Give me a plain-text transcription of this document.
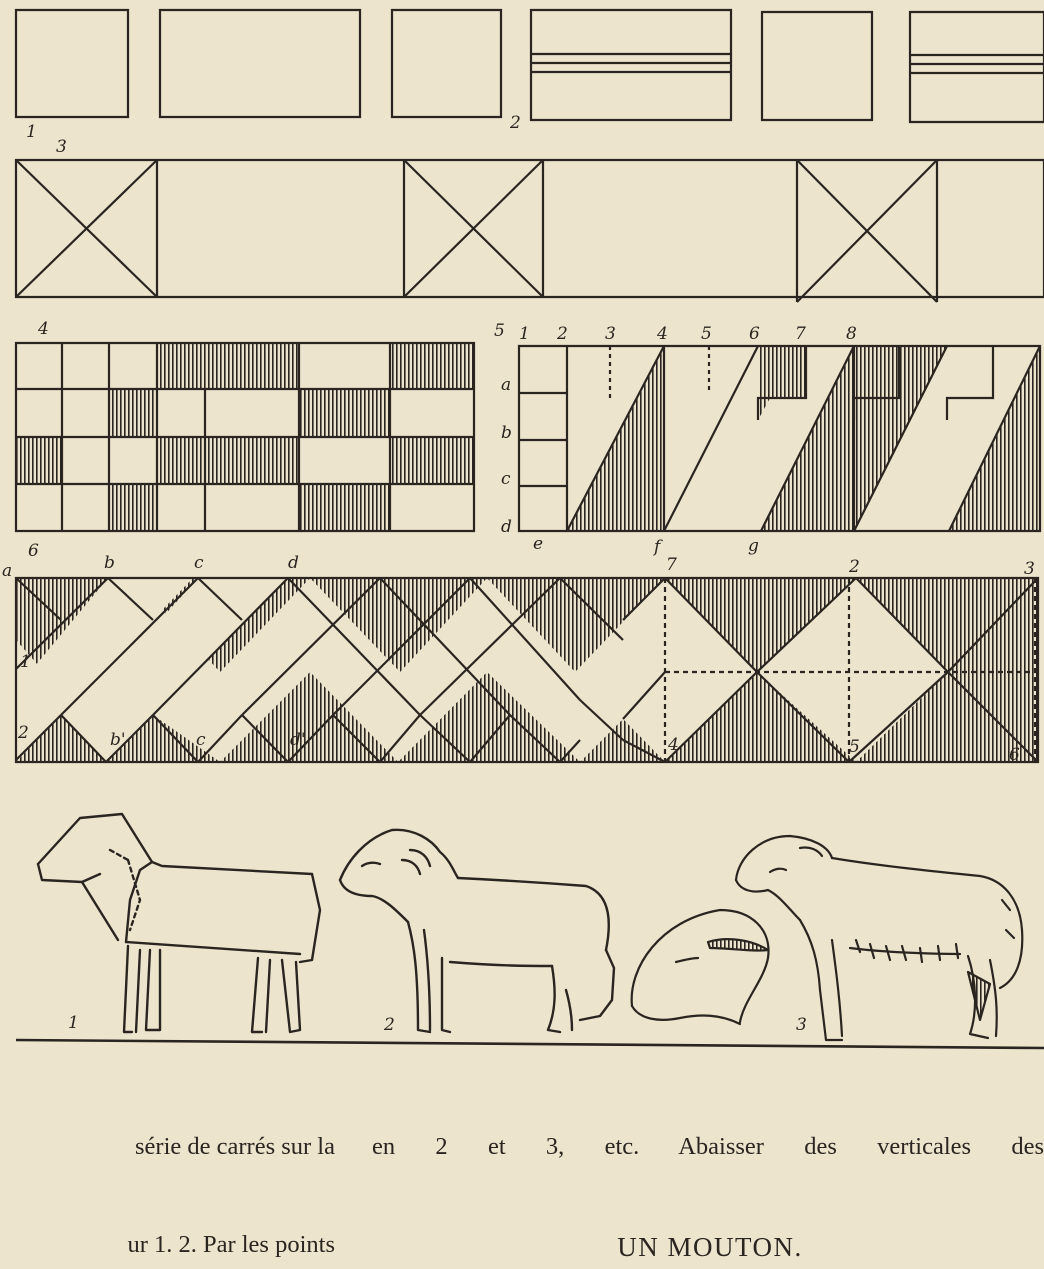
1	2
3
4	5 1 2 3 4 5 6 7 8
a
b
c
d
e	f	g
6
a	b	c	d
1
2	b'	c	d'
7	2	3
4	5	6
1	2	3

série de carrés sur la

ur 1. 2. Par les points

en 2 et 3, etc. Abaisser des verticales des

UN MOUTON.
